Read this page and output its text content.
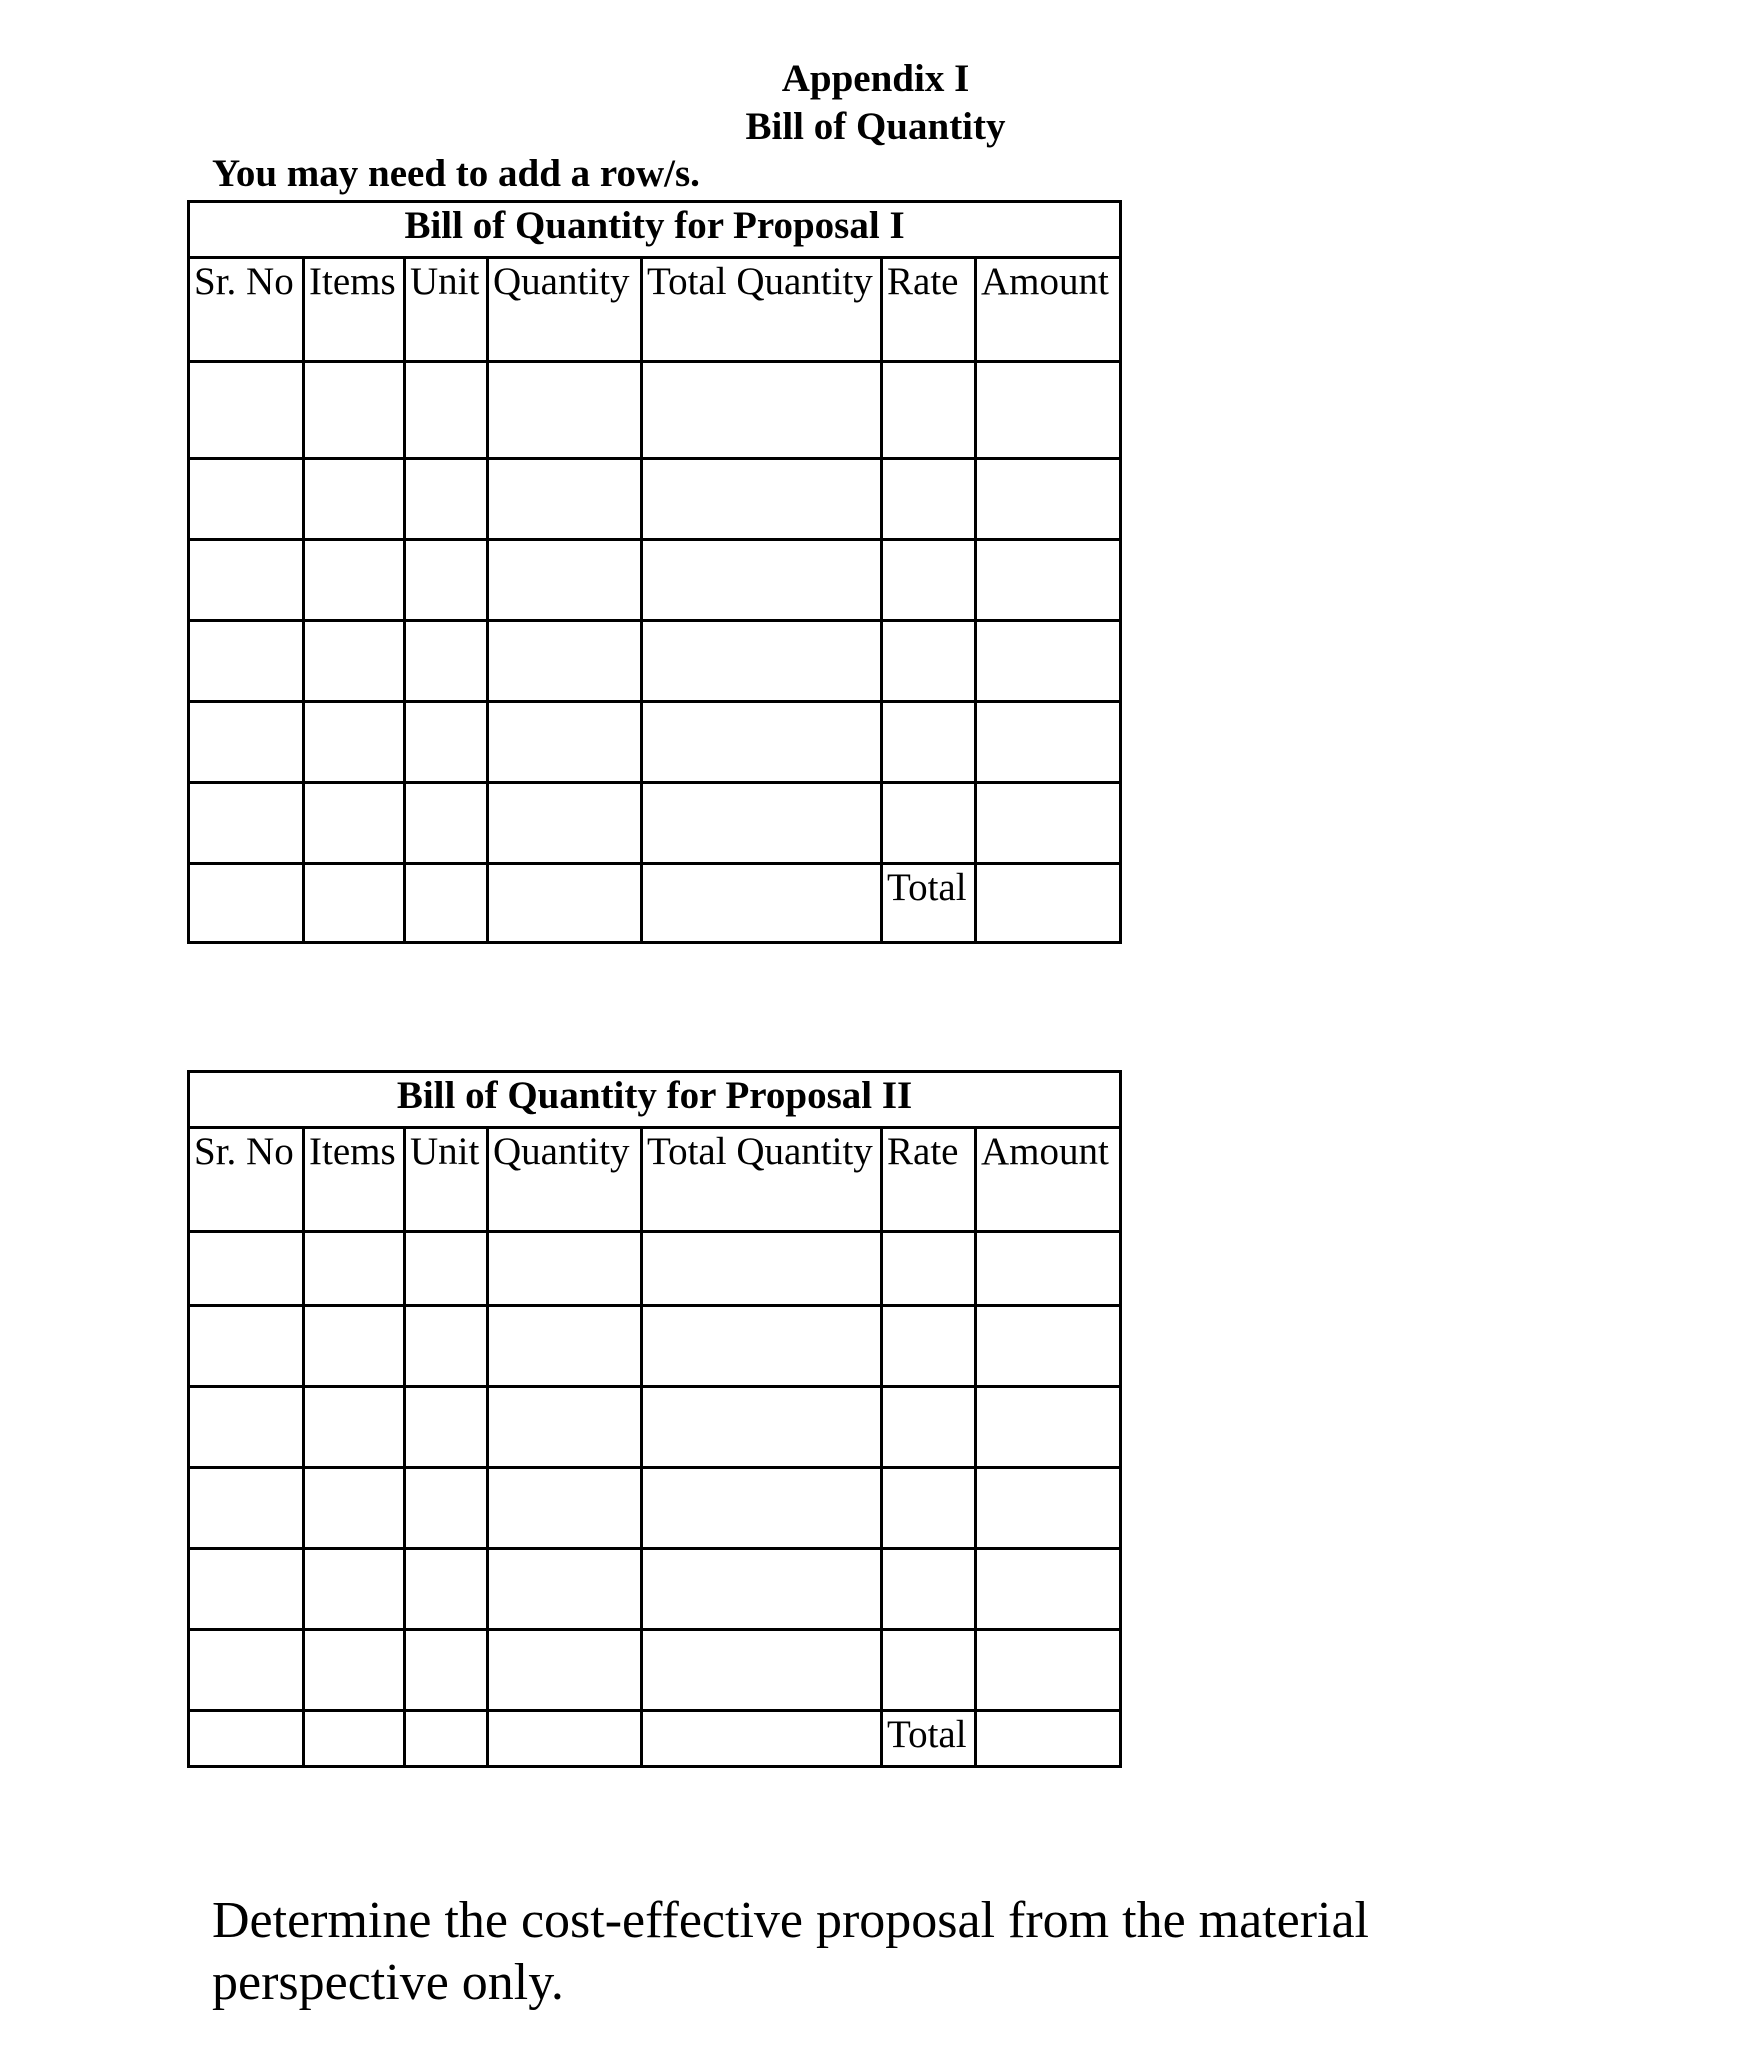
Appendix I
Bill of Quantity
You may need to add a row/s.
Bill of Quantity for Proposal I						
Sr. No	Items	Unit	Quantity	Total Quantity	Rate	Amount

					Total	
Bill of Quantity for Proposal II						
Sr. No	Items	Unit	Quantity	Total Quantity	Rate	Amount

					Total	
Determine the cost-effective proposal from the material perspective only.
